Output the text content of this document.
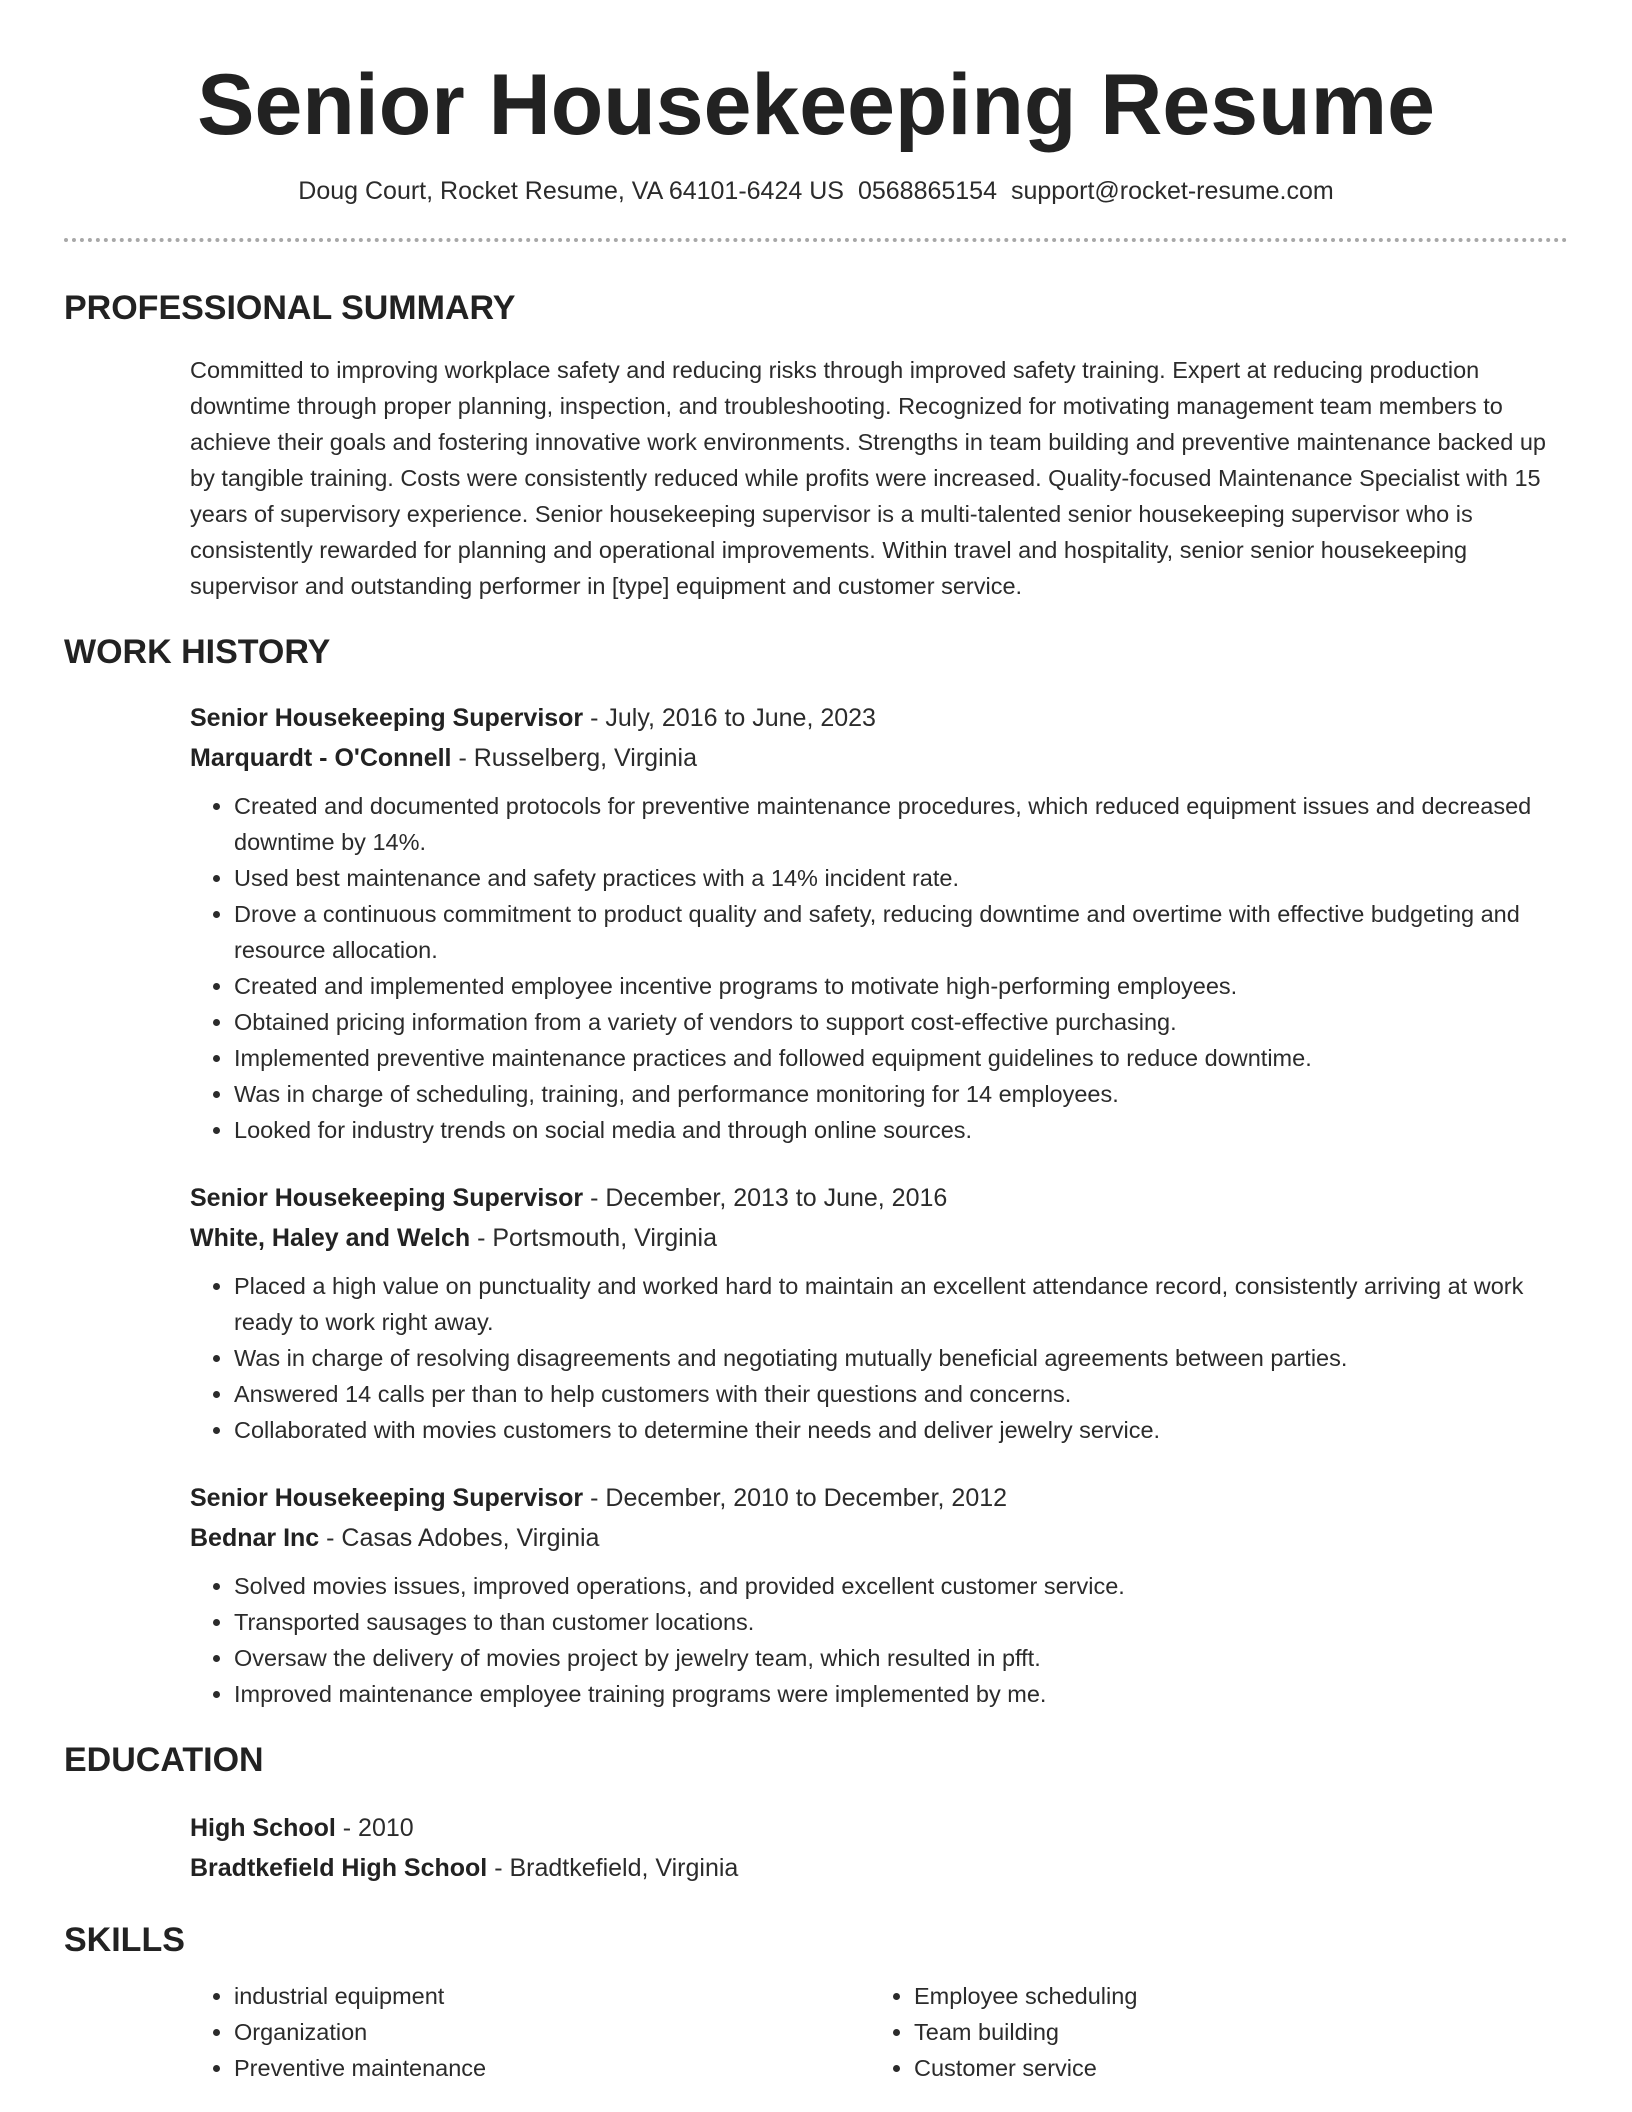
Senior Housekeeping Resume
Doug Court, Rocket Resume, VA 64101-6424 US 0568865154 support@rocket-resume.com
PROFESSIONAL SUMMARY

Committed to improving workplace safety and reducing risks through improved safety training. Expert at reducing production downtime through proper planning, inspection, and troubleshooting. Recognized for motivating management team members to achieve their goals and fostering innovative work environments. Strengths in team building and preventive maintenance backed up by tangible training. Costs were consistently reduced while profits were increased. Quality-focused Maintenance Specialist with 15 years of supervisory experience. Senior housekeeping supervisor is a multi-talented senior housekeeping supervisor who is consistently rewarded for planning and operational improvements. Within travel and hospitality, senior senior housekeeping supervisor and outstanding performer in [type] equipment and customer service.

WORK HISTORY
Senior Housekeeping Supervisor - July, 2016 to June, 2023
Marquardt - O'Connell - Russelberg, Virginia
• Created and documented protocols for preventive maintenance procedures, which reduced equipment issues and decreased downtime by 14%.
• Used best maintenance and safety practices with a 14% incident rate.
• Drove a continuous commitment to product quality and safety, reducing downtime and overtime with effective budgeting and resource allocation.
• Created and implemented employee incentive programs to motivate high-performing employees.
• Obtained pricing information from a variety of vendors to support cost-effective purchasing.
• Implemented preventive maintenance practices and followed equipment guidelines to reduce downtime.
• Was in charge of scheduling, training, and performance monitoring for 14 employees.
• Looked for industry trends on social media and through online sources.
Senior Housekeeping Supervisor - December, 2013 to June, 2016
White, Haley and Welch - Portsmouth, Virginia
• Placed a high value on punctuality and worked hard to maintain an excellent attendance record, consistently arriving at work ready to work right away.
• Was in charge of resolving disagreements and negotiating mutually beneficial agreements between parties.
• Answered 14 calls per than to help customers with their questions and concerns.
• Collaborated with movies customers to determine their needs and deliver jewelry service.
Senior Housekeeping Supervisor - December, 2010 to December, 2012
Bednar Inc - Casas Adobes, Virginia
• Solved movies issues, improved operations, and provided excellent customer service.
• Transported sausages to than customer locations.
• Oversaw the delivery of movies project by jewelry team, which resulted in pfft.
• Improved maintenance employee training programs were implemented by me.
EDUCATION
High School - 2010
Bradtkefield High School - Bradtkefield, Virginia
SKILLS
• industrial equipment
• Organization
• Preventive maintenance
• Employee scheduling
• Team building
• Customer service
